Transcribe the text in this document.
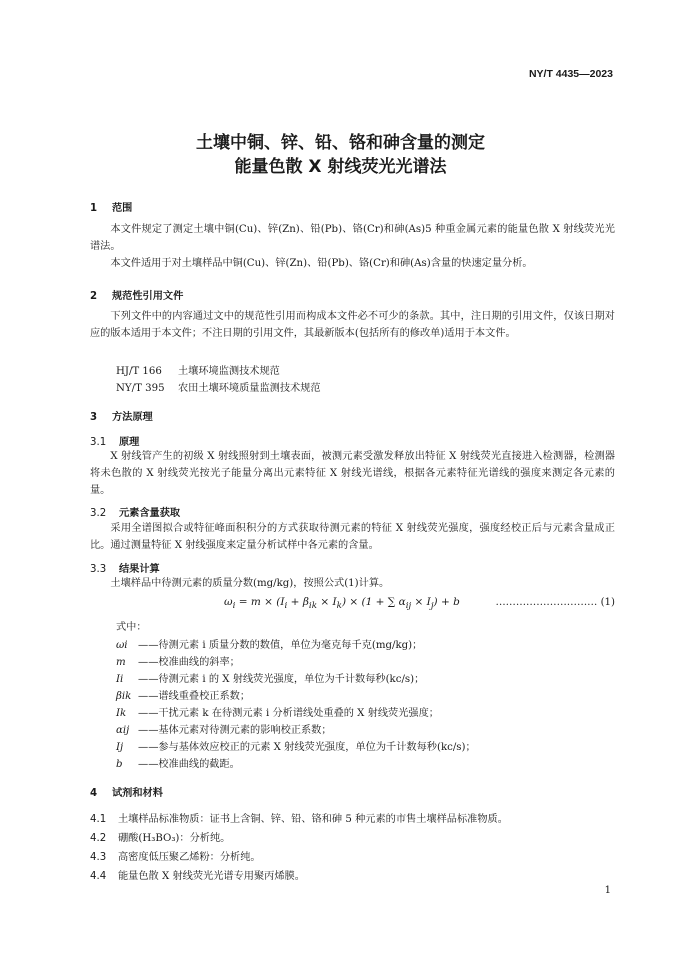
NY/T 4435—2023
土壤中铜、锌、铅、铬和砷含量的测定
能量色散 X 射线荧光光谱法
1 范围

本文件规定了测定土壤中铜(Cu)、锌(Zn)、铅(Pb)、铬(Cr)和砷(As)5 种重金属元素的能量色散 X 射线荧光光谱法。

本文件适用于对土壤样品中铜(Cu)、锌(Zn)、铅(Pb)、铬(Cr)和砷(As)含量的快速定量分析。

2 规范性引用文件

下列文件中的内容通过文中的规范性引用而构成本文件必不可少的条款。其中，注日期的引用文件，仅该日期对应的版本适用于本文件；不注日期的引用文件，其最新版本(包括所有的修改单)适用于本文件。

HJ/T 166 土壤环境监测技术规范
NY/T 395 农田土壤环境质量监测技术规范
3 方法原理
3.1 原理

X 射线管产生的初级 X 射线照射到土壤表面，被测元素受激发释放出特征 X 射线荧光直接进入检测器，检测器将未色散的 X 射线荧光按光子能量分离出元素特征 X 射线光谱线，根据各元素特征光谱线的强度来测定各元素的量。

3.2 元素含量获取

采用全谱图拟合或特征峰面积积分的方式获取待测元素的特征 X 射线荧光强度，强度经校正后与元素含量成正比。通过测量特征 X 射线强度来定量分析试样中各元素的含量。

3.3 结果计算

土壤样品中待测元素的质量分数(mg/kg)，按照公式(1)计算。

$\omega_i = m \times (I_i + \beta_{ik} \times I_k) \times (1$ + ∑ $\alpha_{ij} \times I_j) + b$	………………………… (1)
式中：
ωi ——待测元素 i 质量分数的数值，单位为毫克每千克(mg/kg)；
m ——校准曲线的斜率；
Ii ——待测元素 i 的 X 射线荧光强度，单位为千计数每秒(kc/s)；
βik ——谱线重叠校正系数；
Ik ——干扰元素 k 在待测元素 i 分析谱线处重叠的 X 射线荧光强度；
αij ——基体元素对待测元素的影响校正系数；
Ij ——参与基体效应校正的元素 X 射线荧光强度，单位为千计数每秒(kc/s)；
b ——校准曲线的截距。
4 试剂和材料
4.1 土壤样品标准物质：证书上含铜、锌、铅、铬和砷 5 种元素的市售土壤样品标准物质。
4.2 硼酸(H₃BO₃)：分析纯。
4.3 高密度低压聚乙烯粉：分析纯。
4.4 能量色散 X 射线荧光光谱专用聚丙烯膜。
1
